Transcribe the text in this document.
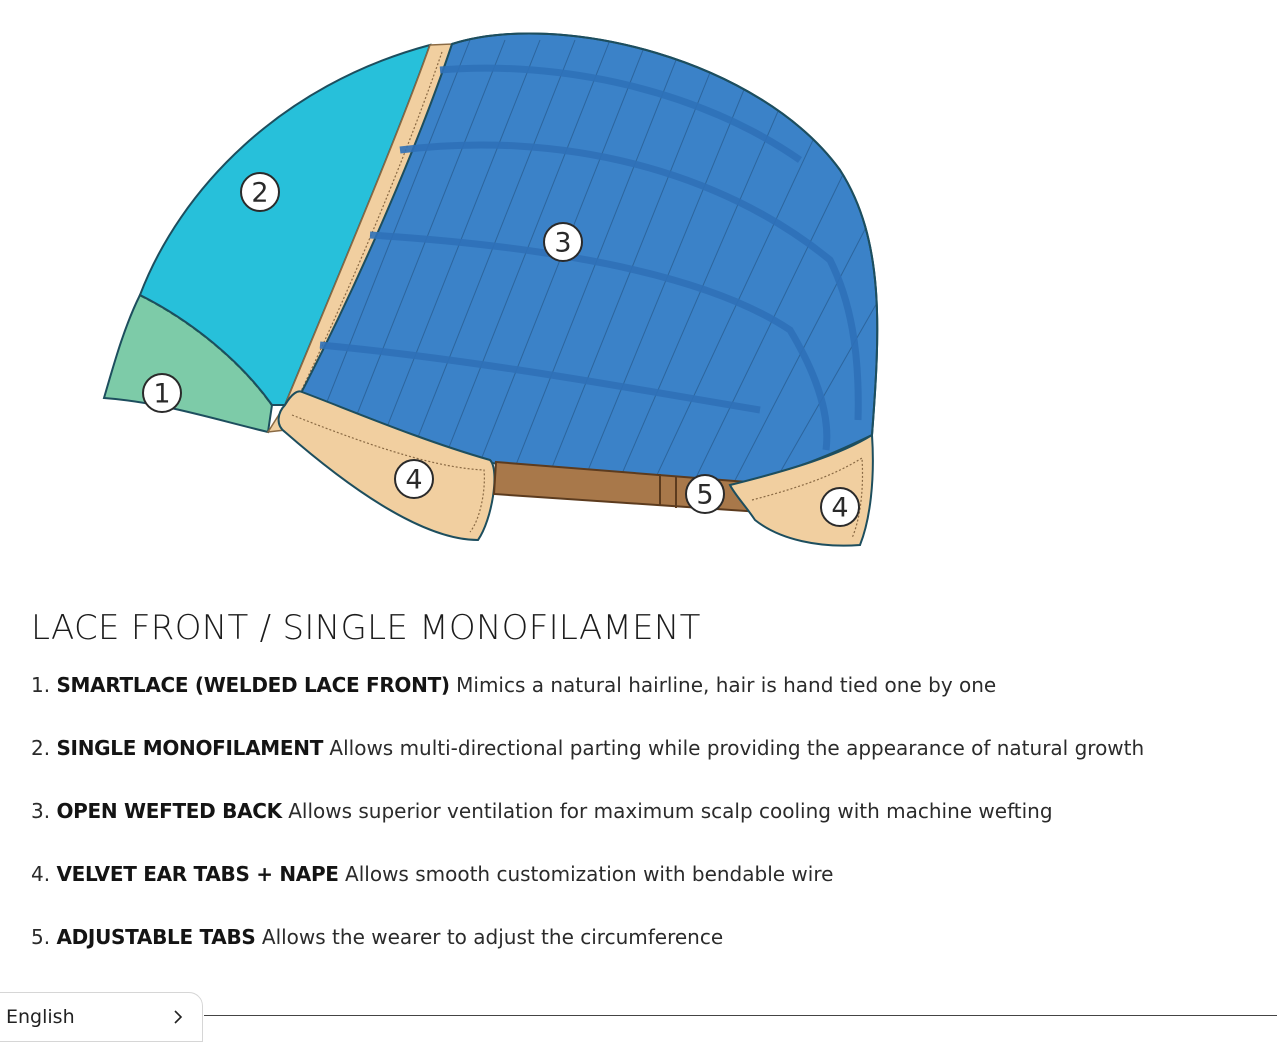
1
2
3
4	5	4
LACE FRONT / SINGLE MONOFILAMENT
1. SMARTLACE (WELDED LACE FRONT) Mimics a natural hairline, hair is hand tied one by one
2. SINGLE MONOFILAMENT Allows multi-directional parting while providing the appearance of natural growth
3. OPEN WEFTED BACK Allows superior ventilation for maximum scalp cooling with machine wefting
4. VELVET EAR TABS + NAPE Allows smooth customization with bendable wire
5. ADJUSTABLE TABS Allows the wearer to adjust the circumference
English
